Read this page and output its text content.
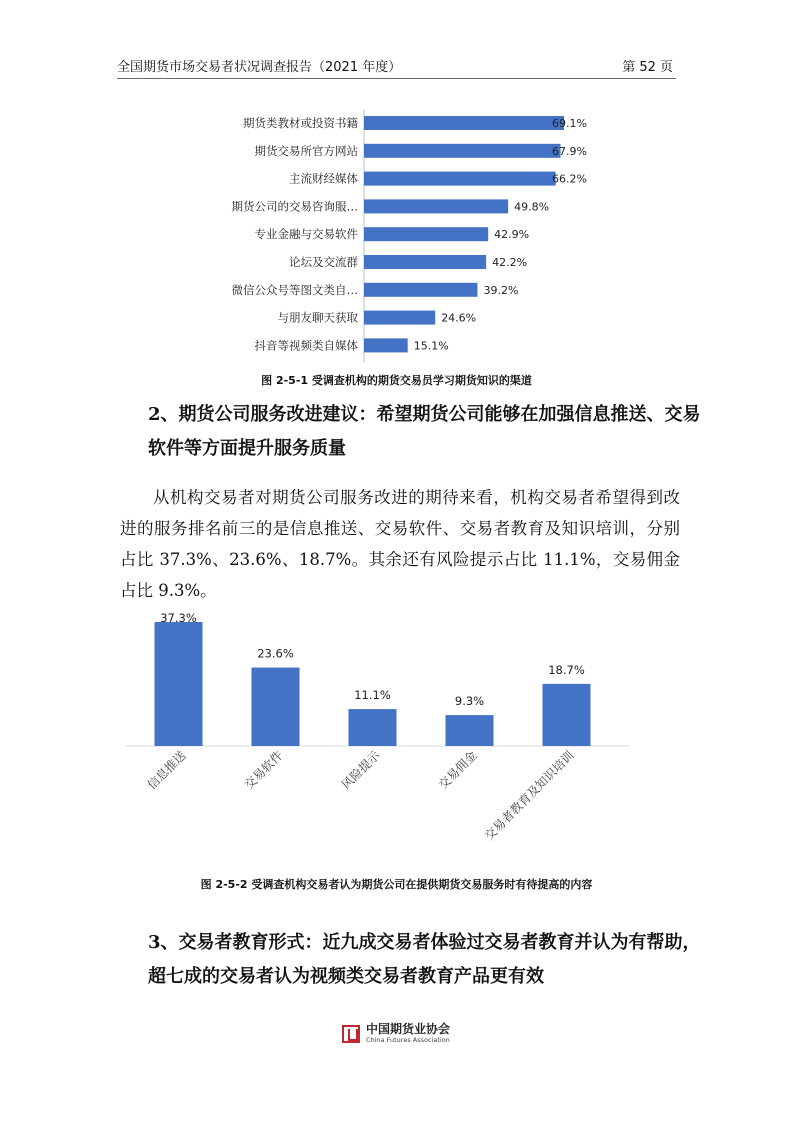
全国期货市场交易者状况调查报告（2021 年度）	第 52 页
期货类教材或投资书籍	69.1%
期货交易所官方网站	67.9%
主流财经媒体	66.2%
期货公司的交易咨询服…	49.8%
专业金融与交易软件	42.9%
论坛及交流群	42.2%
微信公众号等图文类自…	39.2%
与朋友聊天获取	24.6%
抖音等视频类自媒体	15.1%
图 2-5-1 受调查机构的期货交易员学习期货知识的渠道
2、期货公司服务改进建议：希望期货公司能够在加强信息推送、交易软件等方面提升服务质量
从机构交易者对期货公司服务改进的期待来看，机构交易者希望得到改进的服务排名前三的是信息推送、交易软件、交易者教育及知识培训，分别占比 37.3%、23.6%、18.7%。其余还有风险提示占比 11.1%，交易佣金占比 9.3%。
37.3%
信息推送
23.6%
交易软件
11.1%
风险提示
9.3%
交易佣金
18.7%
交易者教育及知识培训
图 2-5-2 受调查机构交易者认为期货公司在提供期货交易服务时有待提高的内容
3、交易者教育形式：近九成交易者体验过交易者教育并认为有帮助，超七成的交易者认为视频类交易者教育产品更有效
中国期货业协会
China Futures Association
